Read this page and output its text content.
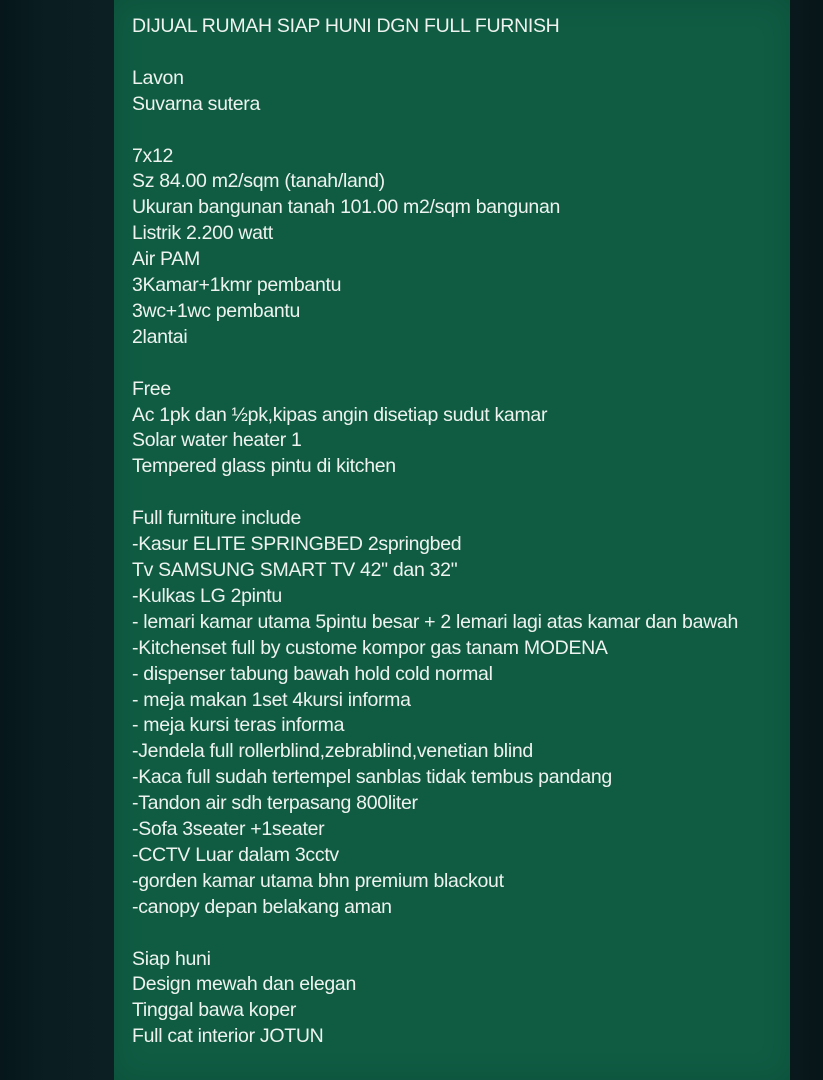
DIJUAL RUMAH SIAP HUNI DGN FULL FURNISH
Lavon
Suvarna sutera
7x12
Sz 84.00 m2/sqm (tanah/land)
Ukuran bangunan tanah 101.00 m2/sqm bangunan
Listrik 2.200 watt
Air PAM
3Kamar+1kmr pembantu
3wc+1wc pembantu
2lantai
Free
Ac 1pk dan ½pk,kipas angin disetiap sudut kamar
Solar water heater 1
Tempered glass pintu di kitchen
Full furniture include
-Kasur ELITE SPRINGBED 2springbed
Tv SAMSUNG SMART TV 42" dan 32"
-Kulkas LG 2pintu
- lemari kamar utama 5pintu besar + 2 lemari lagi atas kamar dan bawah
-Kitchenset full by custome kompor gas tanam MODENA
- dispenser tabung bawah hold cold normal
- meja makan 1set 4kursi informa
- meja kursi teras informa
-Jendela full rollerblind,zebrablind,venetian blind
-Kaca full sudah tertempel sanblas tidak tembus pandang
-Tandon air sdh terpasang 800liter
-Sofa 3seater +1seater
-CCTV Luar dalam 3cctv
-gorden kamar utama bhn premium blackout
-canopy depan belakang aman
Siap huni
Design mewah dan elegan
Tinggal bawa koper
Full cat interior JOTUN
